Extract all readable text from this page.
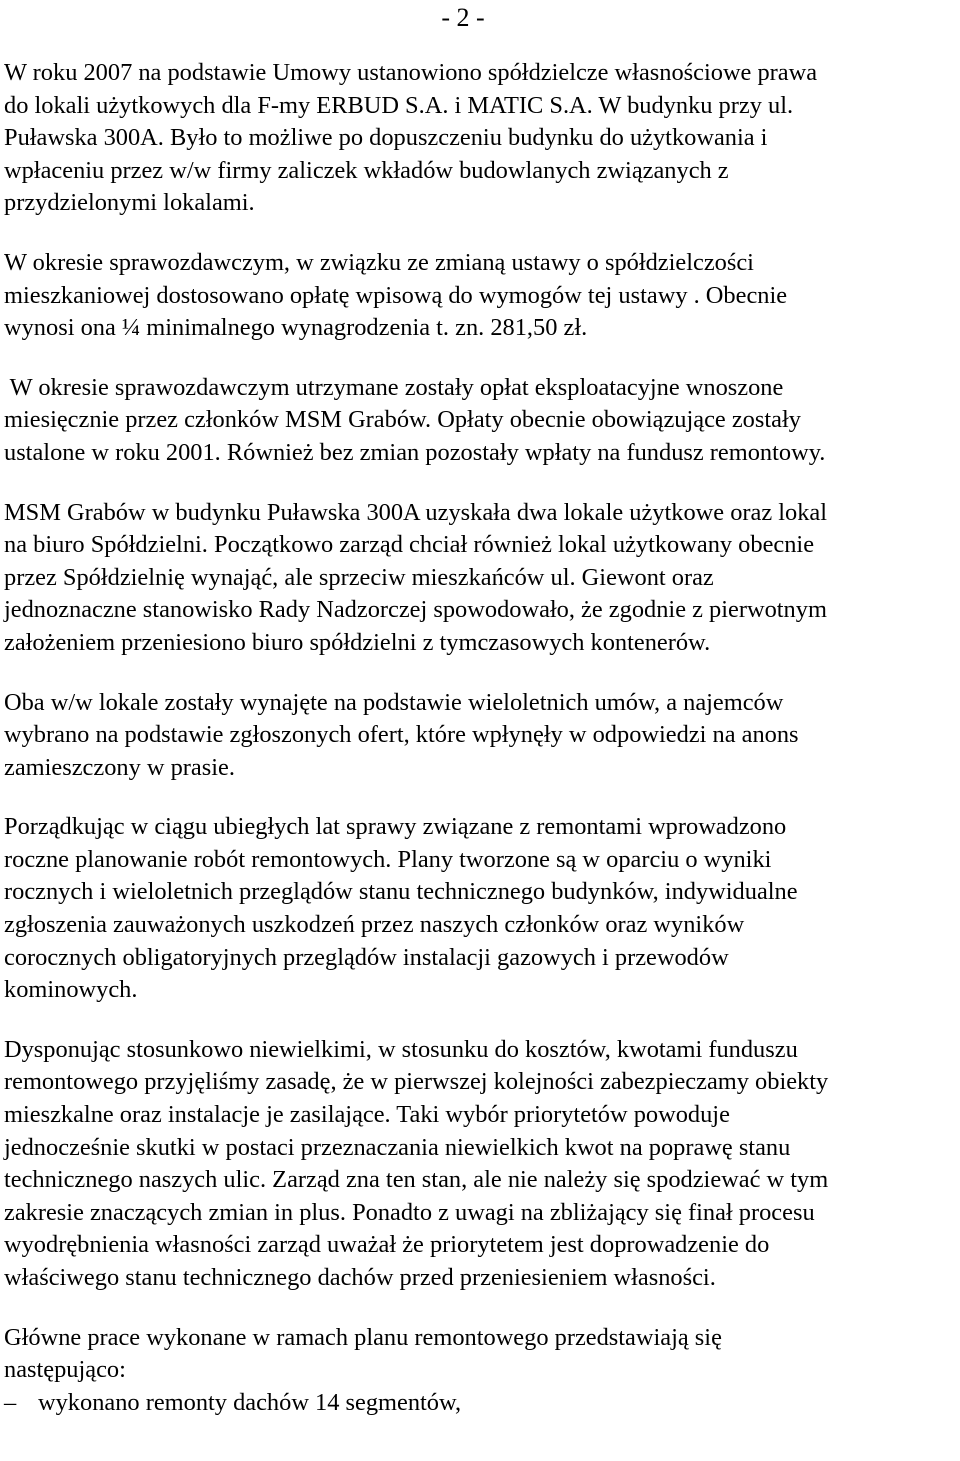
- 2 -

W roku 2007 na podstawie Umowy ustanowiono spółdzielcze własnościowe prawa
do lokali użytkowych dla F-my ERBUD S.A. i MATIC S.A. W budynku przy ul.
Puławska 300A. Było to możliwe po dopuszczeniu budynku do użytkowania i
wpłaceniu przez w/w firmy zaliczek wkładów budowlanych związanych z
przydzielonymi lokalami.

W okresie sprawozdawczym, w związku ze zmianą ustawy o spółdzielczości
mieszkaniowej dostosowano opłatę wpisową do wymogów tej ustawy . Obecnie
wynosi ona ¼ minimalnego wynagrodzenia t. zn. 281,50 zł.

W okresie sprawozdawczym utrzymane zostały opłat eksploatacyjne wnoszone
miesięcznie przez członków MSM Grabów. Opłaty obecnie obowiązujące zostały
ustalone w roku 2001. Również bez zmian pozostały wpłaty na fundusz remontowy.

MSM Grabów w budynku Puławska 300A uzyskała dwa lokale użytkowe oraz lokal
na biuro Spółdzielni. Początkowo zarząd chciał również lokal użytkowany obecnie
przez Spółdzielnię wynająć, ale sprzeciw mieszkańców ul. Giewont oraz
jednoznaczne stanowisko Rady Nadzorczej spowodowało, że zgodnie z pierwotnym
założeniem przeniesiono biuro spółdzielni z tymczasowych kontenerów.

Oba w/w lokale zostały wynajęte na podstawie wieloletnich umów, a najemców
wybrano na podstawie zgłoszonych ofert, które wpłynęły w odpowiedzi na anons
zamieszczony w prasie.

Porządkując w ciągu ubiegłych lat sprawy związane z remontami wprowadzono
roczne planowanie robót remontowych. Plany tworzone są w oparciu o wyniki
rocznych i wieloletnich przeglądów stanu technicznego budynków, indywidualne
zgłoszenia zauważonych uszkodzeń przez naszych członków oraz wyników
corocznych obligatoryjnych przeglądów instalacji gazowych i przewodów
kominowych.

Dysponując stosunkowo niewielkimi, w stosunku do kosztów, kwotami funduszu
remontowego przyjęliśmy zasadę, że w pierwszej kolejności zabezpieczamy obiekty
mieszkalne oraz instalacje je zasilające. Taki wybór priorytetów powoduje
jednocześnie skutki w postaci przeznaczania niewielkich kwot na poprawę stanu
technicznego naszych ulic. Zarząd zna ten stan, ale nie należy się spodziewać w tym
zakresie znaczących zmian in plus. Ponadto z uwagi na zbliżający się finał procesu
wyodrębnienia własności zarząd uważał że priorytetem jest doprowadzenie do
właściwego stanu technicznego dachów przed przeniesieniem własności.

Główne prace wykonane w ramach planu remontowego przedstawiają się
następująco:

– wykonano remonty dachów 14 segmentów,
